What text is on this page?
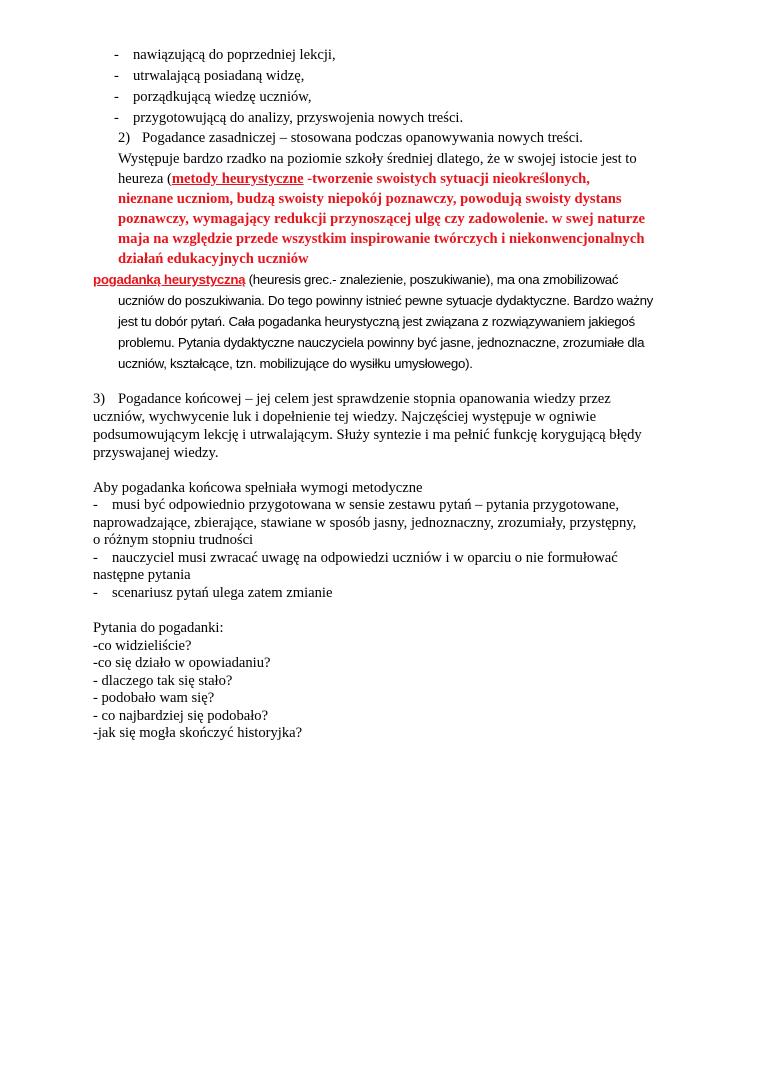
- nawiązującą do poprzedniej lekcji,
- utrwalającą posiadaną widzę,
- porządkującą wiedzę uczniów,
- przygotowującą do analizy, przyswojenia nowych treści.
2) Pogadance zasadniczej – stosowana podczas opanowywania nowych treści.
Występuje bardzo rzadko na poziomie szkoły średniej dlatego, że w swojej istocie jest to
heureza (metody heurystyczne -tworzenie swoistych sytuacji nieokreślonych,
nieznane uczniom, budzą swoisty niepokój poznawczy, powodują swoisty dystans
poznawczy, wymagający redukcji przynoszącej ulgę czy zadowolenie. w swej naturze
maja na względzie przede wszystkim inspirowanie twórczych i niekonwencjonalnych
działań edukacyjnych uczniów
pogadanką heurystyczną (heuresis grec.- znalezienie, poszukiwanie), ma ona zmobilizować
uczniów do poszukiwania. Do tego powinny istnieć pewne sytuacje dydaktyczne. Bardzo ważny
jest tu dobór pytań. Cała pogadanka heurystyczną jest związana z rozwiązywaniem jakiegoś
problemu. Pytania dydaktyczne nauczyciela powinny być jasne, jednoznaczne, zrozumiałe dla
uczniów, kształcące, tzn. mobilizujące do wysiłku umysłowego).
3) Pogadance końcowej – jej celem jest sprawdzenie stopnia opanowania wiedzy przez
uczniów, wychwycenie luk i dopełnienie tej wiedzy. Najczęściej występuje w ogniwie
podsumowującym lekcję i utrwalającym. Służy syntezie i ma pełnić funkcję korygującą błędy
przyswajanej wiedzy.
Aby pogadanka końcowa spełniała wymogi metodyczne
- musi być odpowiednio przygotowana w sensie zestawu pytań – pytania przygotowane,
naprowadzające, zbierające, stawiane w sposób jasny, jednoznaczny, zrozumiały, przystępny,
o różnym stopniu trudności
- nauczyciel musi zwracać uwagę na odpowiedzi uczniów i w oparciu o nie formułować
następne pytania
- scenariusz pytań ulega zatem zmianie
Pytania do pogadanki:
-co widzieliście?
-co się działo w opowiadaniu?
- dlaczego tak się stało?
- podobało wam się?
- co najbardziej się podobało?
-jak się mogła skończyć historyjka?
